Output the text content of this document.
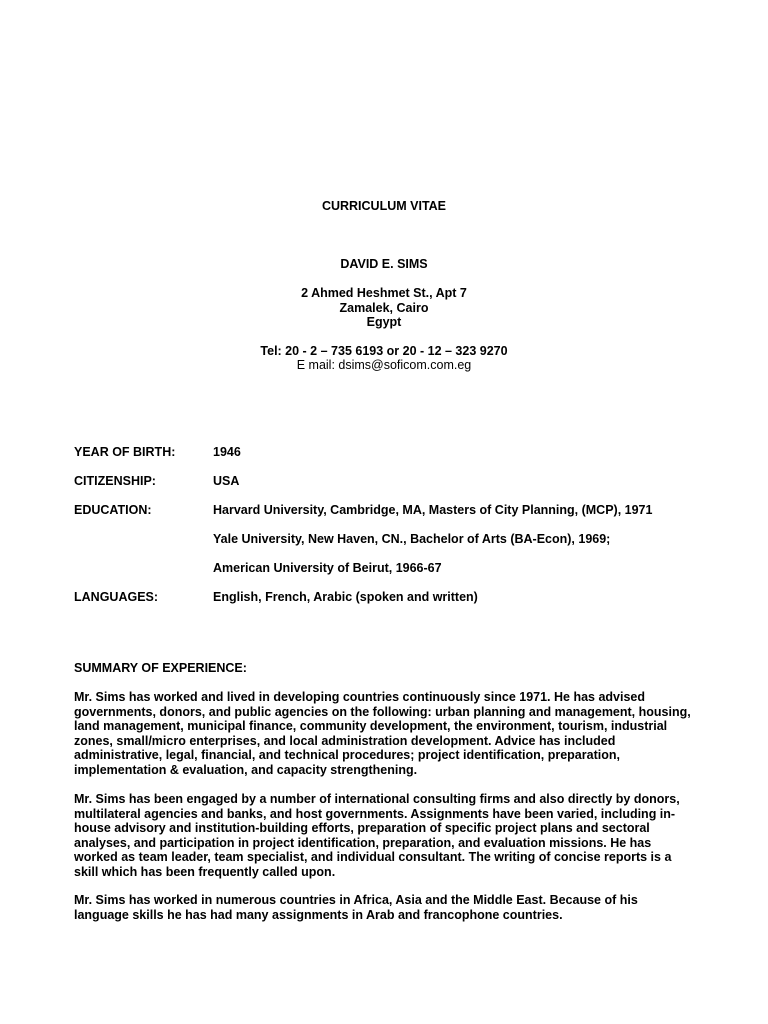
CURRICULUM VITAE
DAVID E. SIMS
2 Ahmed Heshmet St., Apt 7
Zamalek, Cairo
Egypt
Tel: 20 - 2 – 735 6193 or 20 - 12 – 323 9270
E mail: dsims@soficom.com.eg
YEAR OF BIRTH:	1946
CITIZENSHIP:	USA
EDUCATION:	Harvard University, Cambridge, MA, Masters of City Planning, (MCP), 1971
Yale University, New Haven, CN., Bachelor of Arts (BA-Econ), 1969;
American University of Beirut, 1966-67
LANGUAGES:	English, French, Arabic (spoken and written)
SUMMARY OF EXPERIENCE:
Mr. Sims has worked and lived in developing countries continuously since 1971. He has advised
governments, donors, and public agencies on the following: urban planning and management, housing,
land management, municipal finance, community development, the environment, tourism, industrial
zones, small/micro enterprises, and local administration development. Advice has included
administrative, legal, financial, and technical procedures; project identification, preparation,
implementation & evaluation, and capacity strengthening.
Mr. Sims has been engaged by a number of international consulting firms and also directly by donors,
multilateral agencies and banks, and host governments. Assignments have been varied, including in-
house advisory and institution-building efforts, preparation of specific project plans and sectoral
analyses, and participation in project identification, preparation, and evaluation missions. He has
worked as team leader, team specialist, and individual consultant. The writing of concise reports is a
skill which has been frequently called upon.
Mr. Sims has worked in numerous countries in Africa, Asia and the Middle East. Because of his
language skills he has had many assignments in Arab and francophone countries.
